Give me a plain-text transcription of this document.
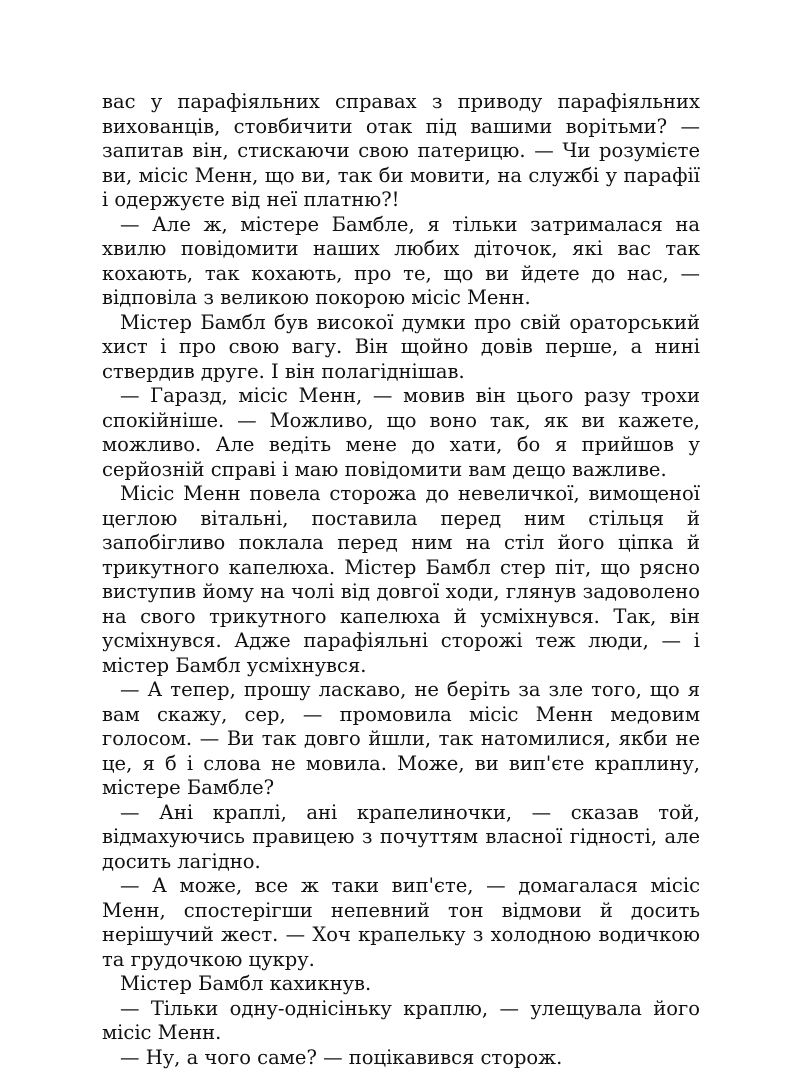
вас у парафіяльних справах з приводу парафіяльних вихованців, стовбичити отак під вашими ворітьми? — запитав він, стискаючи свою патерицю. — Чи розумієте ви, місіс Менн, що ви, так би мовити, на службі у парафії і одержуєте від неї платню?!

— Але ж, містере Бамбле, я тільки затрималася на хвилю повідомити наших любих діточок, які вас так кохають, так кохають, про те, що ви йдете до нас, — відповіла з великою покорою місіс Менн.

Містер Бамбл був високої думки про свій ораторський хист і про свою вагу. Він щойно довів перше, а нині ствердив друге. І він полагіднішав.

— Гаразд, місіс Менн, — мовив він цього разу трохи спокійніше. — Можливо, що воно так, як ви кажете, можливо. Але ведіть мене до хати, бо я прийшов у серйозній справі і маю повідомити вам дещо важливе.

Місіс Менн повела сторожа до невеличкої, вимощеної цеглою вітальні, поставила перед ним стільця й запобігливо поклала перед ним на стіл його ціпка й трикутного капелюха. Містер Бамбл стер піт, що рясно виступив йому на чолі від довгої ходи, глянув задоволено на свого трикутного капелюха й усміхнувся. Так, він усміхнувся. Адже парафіяльні сторожі теж люди, — і містер Бамбл усміхнувся.

— А тепер, прошу ласкаво, не беріть за зле того, що я вам скажу, сер, — промовила місіс Менн медовим голосом. — Ви так довго йшли, так натомилися, якби не це, я б і слова не мовила. Може, ви вип'єте краплину, містере Бамбле?

— Ані краплі, ані крапелиночки, — сказав той, відмахуючись правицею з почуттям власної гідності, але досить лагідно.

— А може, все ж таки вип'єте, — домагалася місіс Менн, спостерігши непевний тон відмови й досить нерішучий жест. — Хоч крапельку з холодною водичкою та грудочкою цукру.

Містер Бамбл кахикнув.

— Тільки одну-однісіньку краплю, — улещувала його місіс Менн.

— Ну, а чого саме? — поцікавився сторож.
